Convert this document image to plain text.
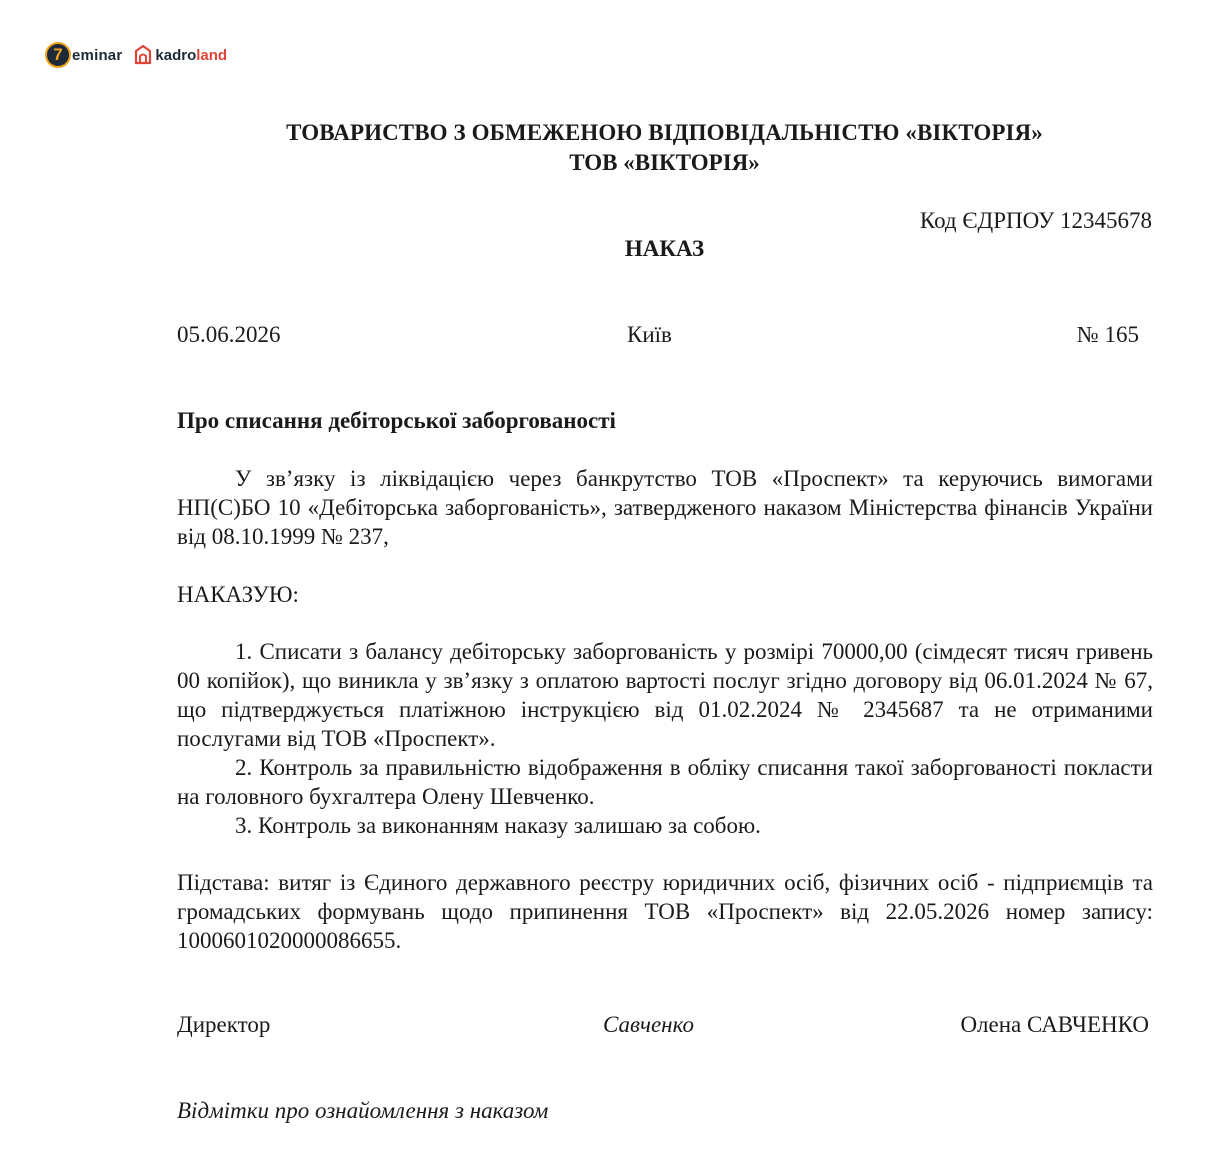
7 eminar kadroland
ТОВАРИСТВО З ОБМЕЖЕНОЮ ВІДПОВІДАЛЬНІСТЮ «ВІКТОРІЯ»
ТОВ «ВІКТОРІЯ»
Код ЄДРПОУ 12345678
НАКАЗ
05.06.2026	Київ	№ 165
Про списання дебіторської заборгованості
У зв’язку із ліквідацією через банкрутство ТОВ «Проспект» та керуючись вимогами НП(С)БО 10 «Дебіторська заборгованість», затвердженого наказом Міністерства фінансів України від 08.10.1999 № 237,
НАКАЗУЮ:

1. Списати з балансу дебіторську заборгованість у розмірі 70000,00 (сімдесят тисяч гривень 00 копійок), що виникла у зв’язку з оплатою вартості послуг згідно договору від 06.01.2024 № 67, що підтверджується платіжною інструкцією від 01.02.2024 № 2345687 та не отриманими послугами від ТОВ «Проспект».

2. Контроль за правильністю відображення в обліку списання такої заборгованості покласти на головного бухгалтера Олену Шевченко.

3. Контроль за виконанням наказу залишаю за собою.

Підстава: витяг із Єдиного державного реєстру юридичних осіб, фізичних осіб - підприємців та громадських формувань щодо припинення ТОВ «Проспект» від 22.05.2026 номер запису: 1000601020000086655.
Директор	Савченко	Олена САВЧЕНКО
Відмітки про ознайомлення з наказом
